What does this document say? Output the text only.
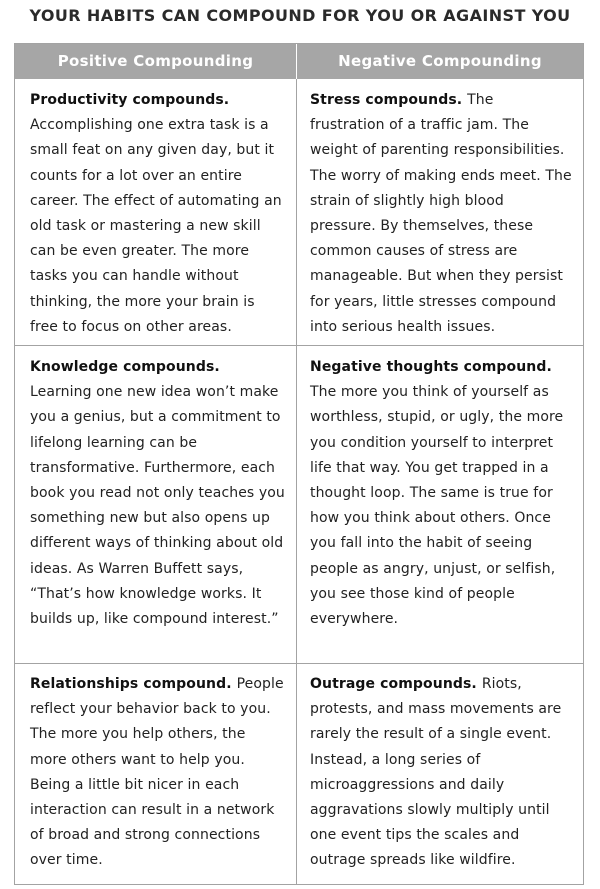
YOUR HABITS CAN COMPOUND FOR YOU OR AGAINST YOU
Positive Compounding	Negative Compounding
Productivity compounds. Accomplishing one extra task is a small feat on any given day, but it counts for a lot over an entire career. The effect of automating an old task or mastering a new skill can be even greater. The more tasks you can handle without thinking, the more your brain is free to focus on other areas.
Stress compounds. The frustration of a traffic jam. The weight of parenting responsibilities. The worry of making ends meet. The strain of slightly high blood pressure. By themselves, these common causes of stress are manageable. But when they persist for years, little stresses compound into serious health issues.
Knowledge compounds. Learning one new idea won’t make you a genius, but a commitment to lifelong learning can be transformative. Furthermore, each book you read not only teaches you something new but also opens up different ways of thinking about old ideas. As Warren Buffett says, “That’s how knowledge works. It builds up, like compound interest.”
Negative thoughts compound. The more you think of yourself as worthless, stupid, or ugly, the more you condition yourself to interpret life that way. You get trapped in a thought loop. The same is true for how you think about others. Once you fall into the habit of seeing people as angry, unjust, or selfish, you see those kind of people everywhere.
Relationships compound. People reflect your behavior back to you. The more you help others, the more others want to help you. Being a little bit nicer in each interaction can result in a network of broad and strong connections over time.
Outrage compounds. Riots, protests, and mass movements are rarely the result of a single event. Instead, a long series of microaggressions and daily aggravations slowly multiply until one event tips the scales and outrage spreads like wildfire.
